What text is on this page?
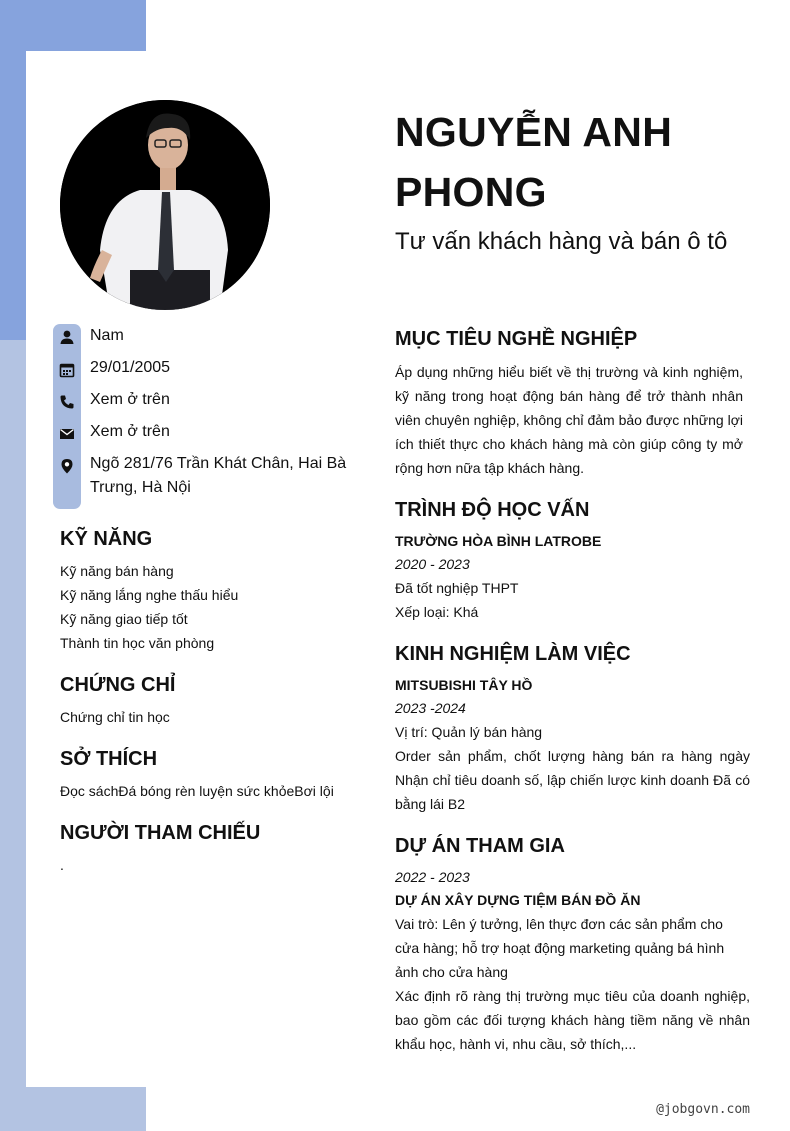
NGUYỄN ANH PHONG

Tư vấn khách hàng và bán ô tô

Nam
29/01/2005
Xem ở trên
Xem ở trên
Ngõ 281/76 Trần Khát Chân, Hai Bà Trưng, Hà Nội
KỸ NĂNG
Kỹ năng bán hàng
Kỹ năng lắng nghe thấu hiểu
Kỹ năng giao tiếp tốt
Thành tin học văn phòng
CHỨNG CHỈ
Chứng chỉ tin học
SỞ THÍCH
Đọc sáchĐá bóng rèn luyện sức khỏeBơi lội
NGƯỜI THAM CHIẾU
.
MỤC TIÊU NGHỀ NGHIỆP
Áp dụng những hiểu biết về thị trường và kinh nghiệm, kỹ năng trong hoạt động bán hàng để trở thành nhân viên chuyên nghiệp, không chỉ đảm bảo được những lợi ích thiết thực cho khách hàng mà còn giúp công ty mở rộng hơn nữa tập khách hàng.
TRÌNH ĐỘ HỌC VẤN
TRƯỜNG HÒA BÌNH LATROBE
2020 - 2023
Đã tốt nghiệp THPT
Xếp loại: Khá
KINH NGHIỆM LÀM VIỆC
MITSUBISHI TÂY HỒ
2023 -2024
Vị trí: Quản lý bán hàng
Order sản phẩm, chốt lượng hàng bán ra hàng ngày Nhận chỉ tiêu doanh số, lập chiến lược kinh doanh Đã có bằng lái B2
DỰ ÁN THAM GIA
2022 - 2023
DỰ ÁN XÂY DỰNG TIỆM BÁN ĐỒ ĂN
Vai trò: Lên ý tưởng, lên thực đơn các sản phẩm cho cửa hàng; hỗ trợ hoạt động marketing quảng bá hình ảnh cho cửa hàng
Xác định rõ ràng thị trường mục tiêu của doanh nghiệp, bao gồm các đối tượng khách hàng tiềm năng về nhân khẩu học, hành vi, nhu cầu, sở thích,...
@jobgovn.com
